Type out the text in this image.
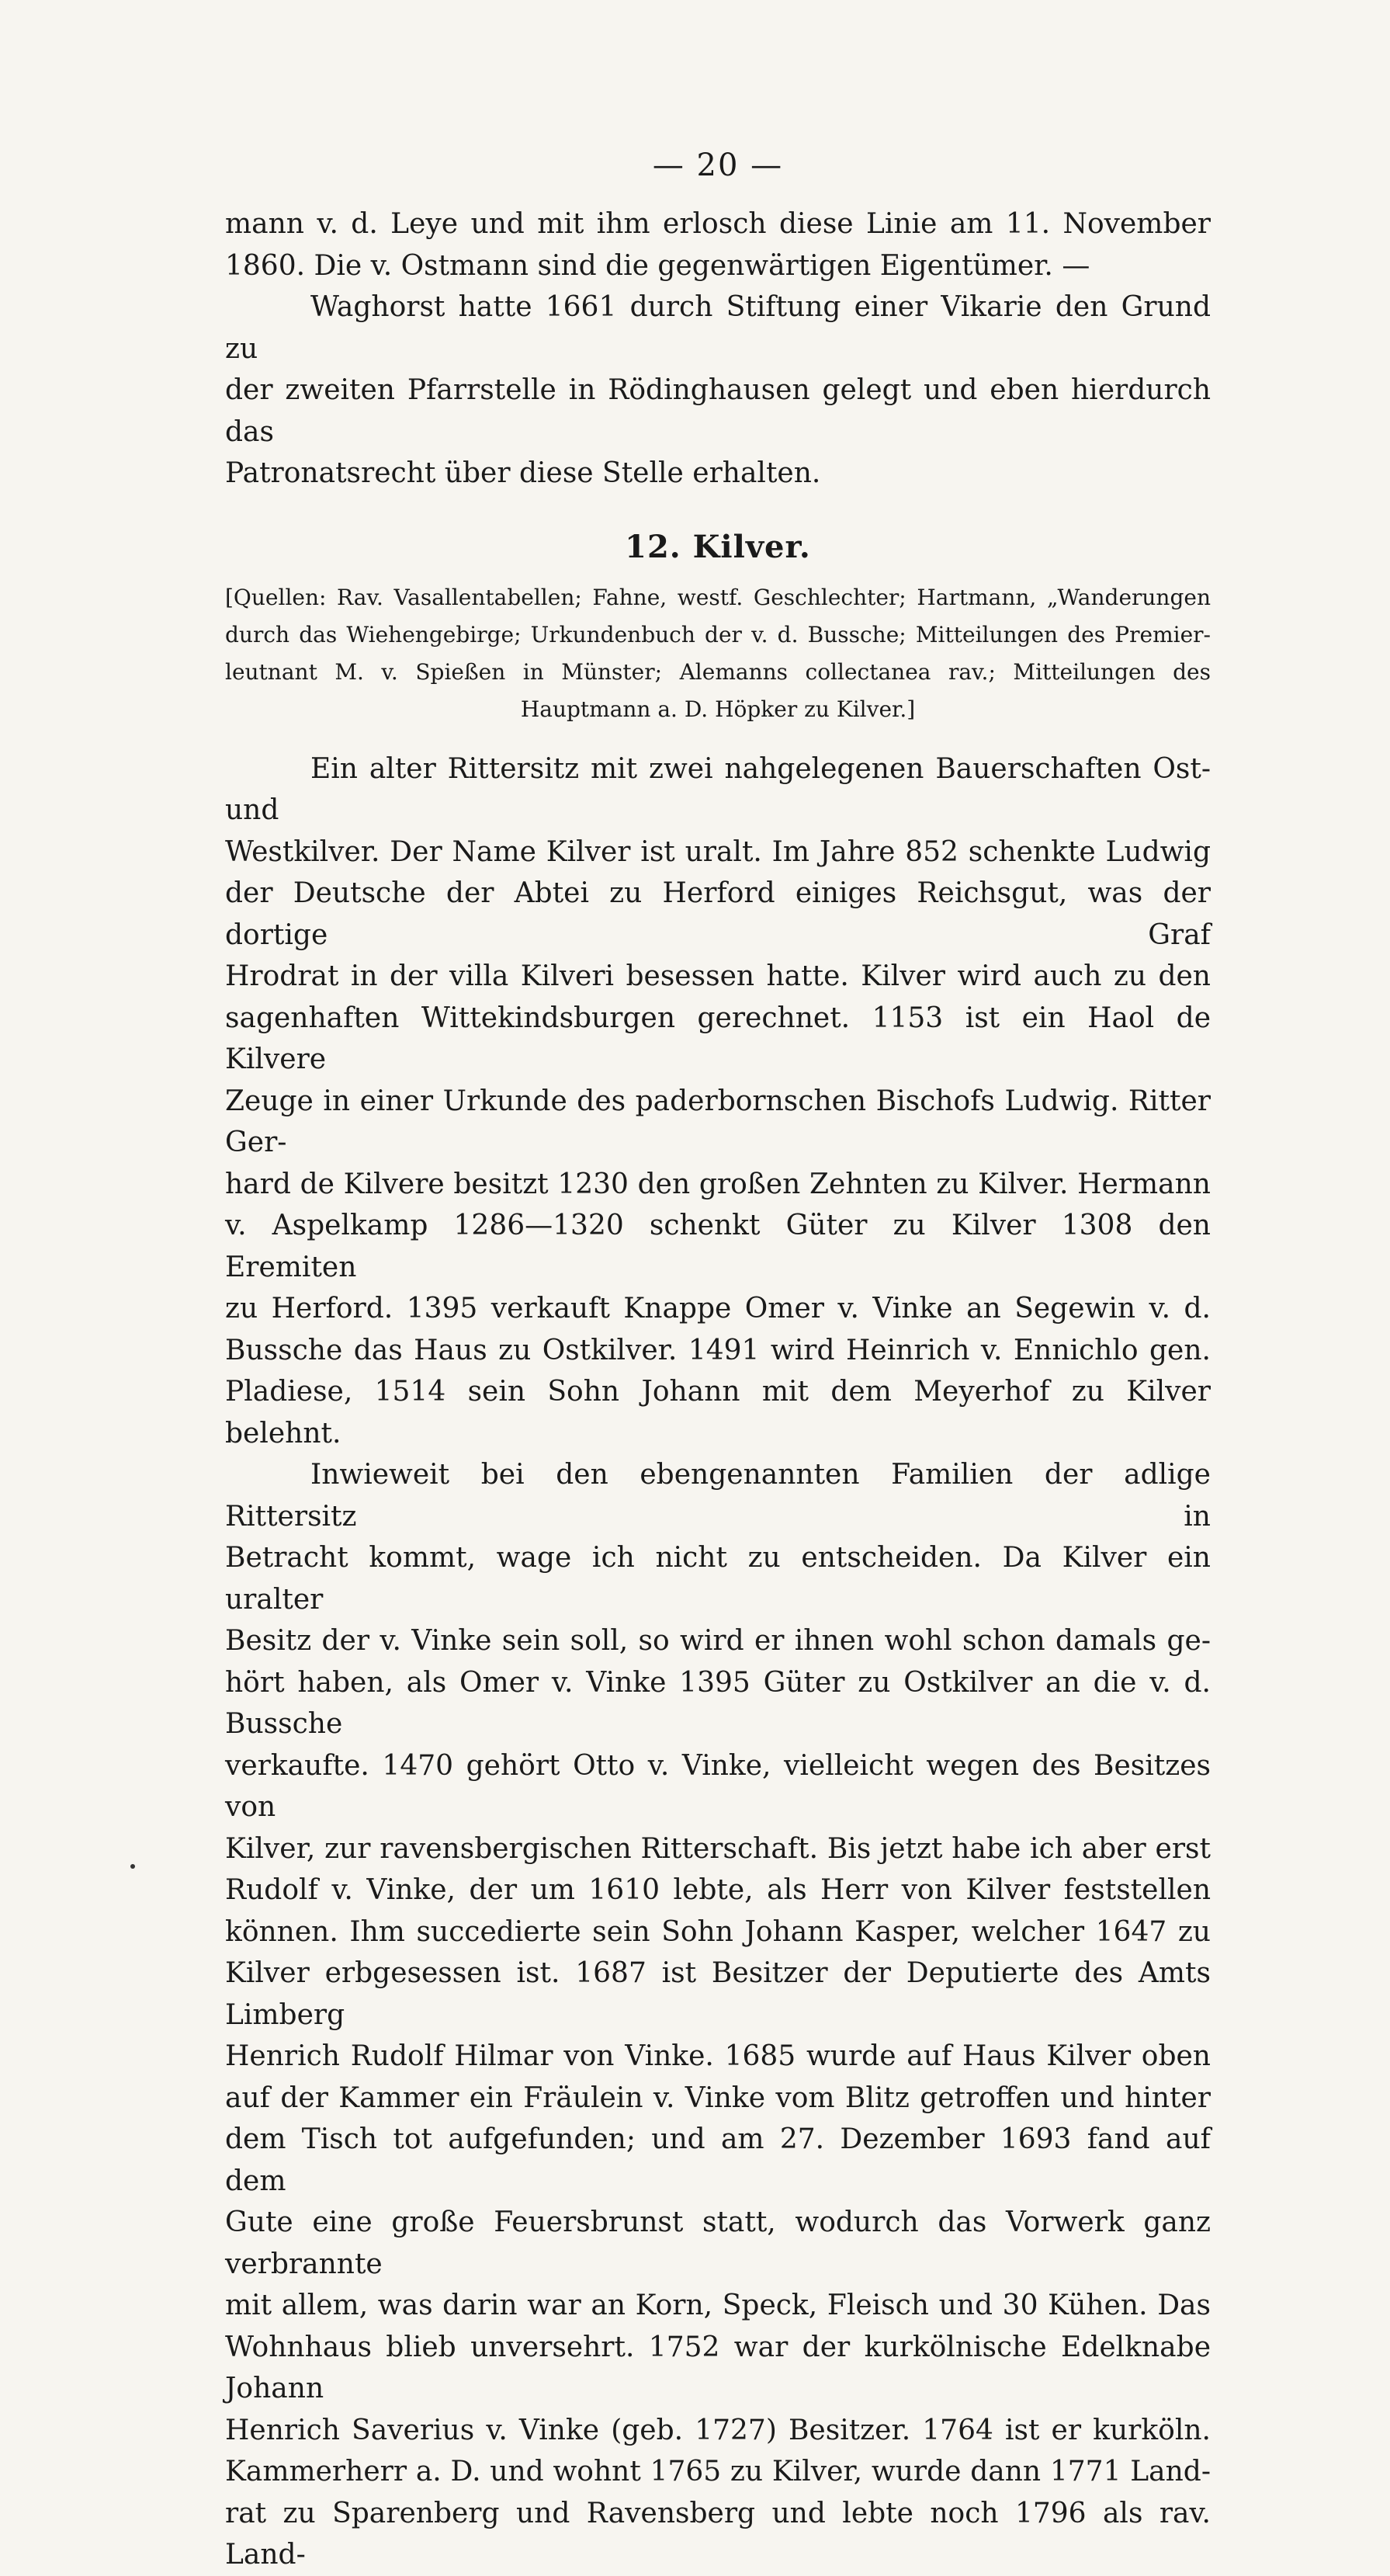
— 20 —
mann v. d. Leye und mit ihm erlosch diese Linie am 11. November
1860. Die v. Ostmann sind die gegenwärtigen Eigentümer. —
Waghorst hatte 1661 durch Stiftung einer Vikarie den Grund zu
der zweiten Pfarrstelle in Rödinghausen gelegt und eben hierdurch das
Patronatsrecht über diese Stelle erhalten.
12. Kilver.
[Quellen: Rav. Vasallentabellen; Fahne, westf. Geschlechter; Hartmann, „Wanderungen
durch das Wiehengebirge; Urkundenbuch der v. d. Bussche; Mitteilungen des Premier-
leutnant M. v. Spießen in Münster; Alemanns collectanea rav.; Mitteilungen des
Hauptmann a. D. Höpker zu Kilver.]
Ein alter Rittersitz mit zwei nahgelegenen Bauerschaften Ost- und
Westkilver. Der Name Kilver ist uralt. Im Jahre 852 schenkte Ludwig
der Deutsche der Abtei zu Herford einiges Reichsgut, was der dortige Graf
Hrodrat in der villa Kilveri besessen hatte. Kilver wird auch zu den
sagenhaften Wittekindsburgen gerechnet. 1153 ist ein Haol de Kilvere
Zeuge in einer Urkunde des paderbornschen Bischofs Ludwig. Ritter Ger-
hard de Kilvere besitzt 1230 den großen Zehnten zu Kilver. Hermann
v. Aspelkamp 1286—1320 schenkt Güter zu Kilver 1308 den Eremiten
zu Herford. 1395 verkauft Knappe Omer v. Vinke an Segewin v. d.
Bussche das Haus zu Ostkilver. 1491 wird Heinrich v. Ennichlo gen.
Pladiese, 1514 sein Sohn Johann mit dem Meyerhof zu Kilver belehnt.
Inwieweit bei den ebengenannten Familien der adlige Rittersitz in
Betracht kommt, wage ich nicht zu entscheiden. Da Kilver ein uralter
Besitz der v. Vinke sein soll, so wird er ihnen wohl schon damals ge-
hört haben, als Omer v. Vinke 1395 Güter zu Ostkilver an die v. d. Bussche
verkaufte. 1470 gehört Otto v. Vinke, vielleicht wegen des Besitzes von
Kilver, zur ravensbergischen Ritterschaft. Bis jetzt habe ich aber erst
Rudolf v. Vinke, der um 1610 lebte, als Herr von Kilver feststellen
können. Ihm succedierte sein Sohn Johann Kasper, welcher 1647 zu
Kilver erbgesessen ist. 1687 ist Besitzer der Deputierte des Amts Limberg
Henrich Rudolf Hilmar von Vinke. 1685 wurde auf Haus Kilver oben
auf der Kammer ein Fräulein v. Vinke vom Blitz getroffen und hinter
dem Tisch tot aufgefunden; und am 27. Dezember 1693 fand auf dem
Gute eine große Feuersbrunst statt, wodurch das Vorwerk ganz verbrannte
mit allem, was darin war an Korn, Speck, Fleisch und 30 Kühen. Das
Wohnhaus blieb unversehrt. 1752 war der kurkölnische Edelknabe Johann
Henrich Saverius v. Vinke (geb. 1727) Besitzer. 1764 ist er kurköln.
Kammerherr a. D. und wohnt 1765 zu Kilver, wurde dann 1771 Land-
rat zu Sparenberg und Ravensberg und lebte noch 1796 als rav. Land-
